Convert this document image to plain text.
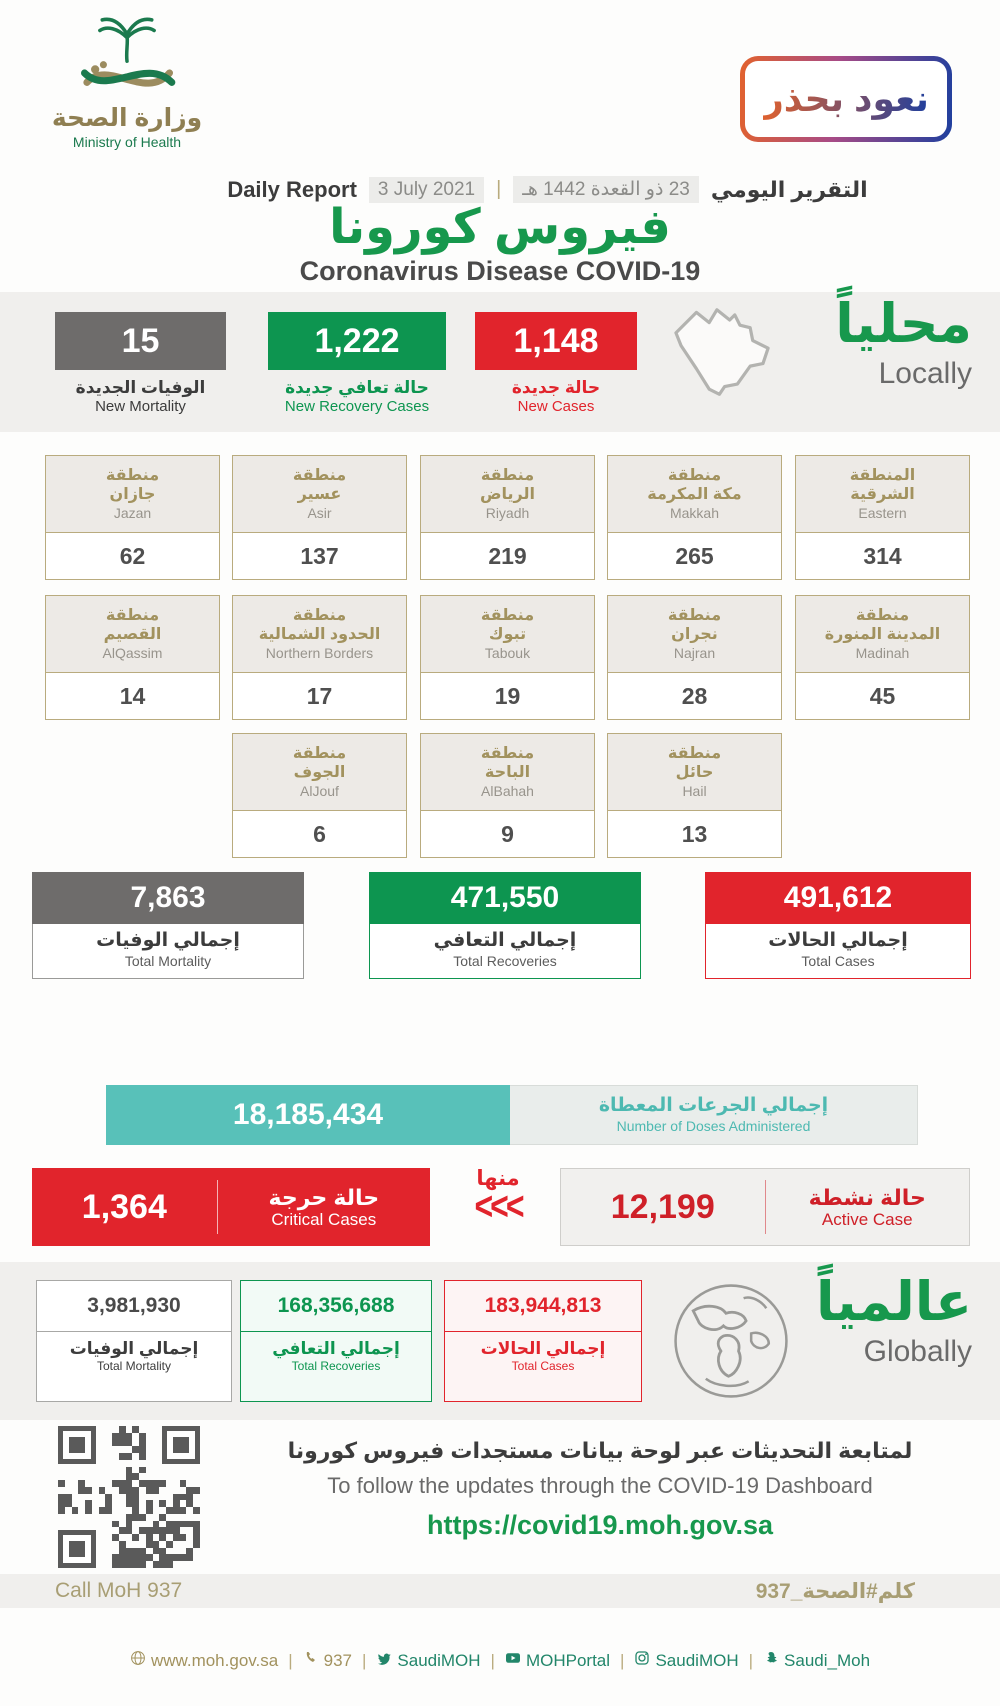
وزارة الصحة
Ministry of Health
نعود بحذر
Daily Report	3 July 2021	|	23 ذو القعدة 1442 هـ التقرير اليومي
فيروس كورونا
Coronavirus Disease COVID-19
15	1,222	1,148
الوفيات الجديدة
New Mortality
حالة تعافي جديدة
New Recovery Cases
حالة جديدة
New Cases
محلياً
Locally
منطقة
جازان
Jazan
62
منطقة
عسير
Asir
137
منطقة
الرياض
Riyadh
219
منطقة
مكة المكرمة
Makkah
265
المنطقة
الشرقية
Eastern
314
منطقة
القصيم
AlQassim
14
منطقة
الحدود الشمالية
Northern Borders
17
منطقة
تبوك
Tabouk
19
منطقة
نجران
Najran
28
منطقة
المدينة المنورة
Madinah
45
منطقة
الجوف
AlJouf
6
منطقة
الباحة
AlBahah
9
منطقة
حائل
Hail
13
7,863
إجمالي الوفيات
Total Mortality
471,550
إجمالي التعافي
Total Recoveries
491,612
إجمالي الحالات
Total Cases
18,185,434	إجمالي الجرعات المعطاة
Number of Doses Administered
1,364	حالة حرجة
Critical Cases
منها
<<<	12,199	حالة نشطة
Active Case
3,981,930
إجمالي الوفيات
Total Mortality
168,356,688
إجمالي التعافي
Total Recoveries
183,944,813
إجمالي الحالات
Total Cases
عالمياً
Globally
لمتابعة التحديثات عبر لوحة بيانات مستجدات فيروس كورونا
To follow the updates through the COVID-19 Dashboard
https://covid19.moh.gov.sa
Call MoH 937	كلم#الصحة_937
www.moh.gov.sa | 937 | SaudiMOH | MOHPortal | SaudiMOH | Saudi_Moh
